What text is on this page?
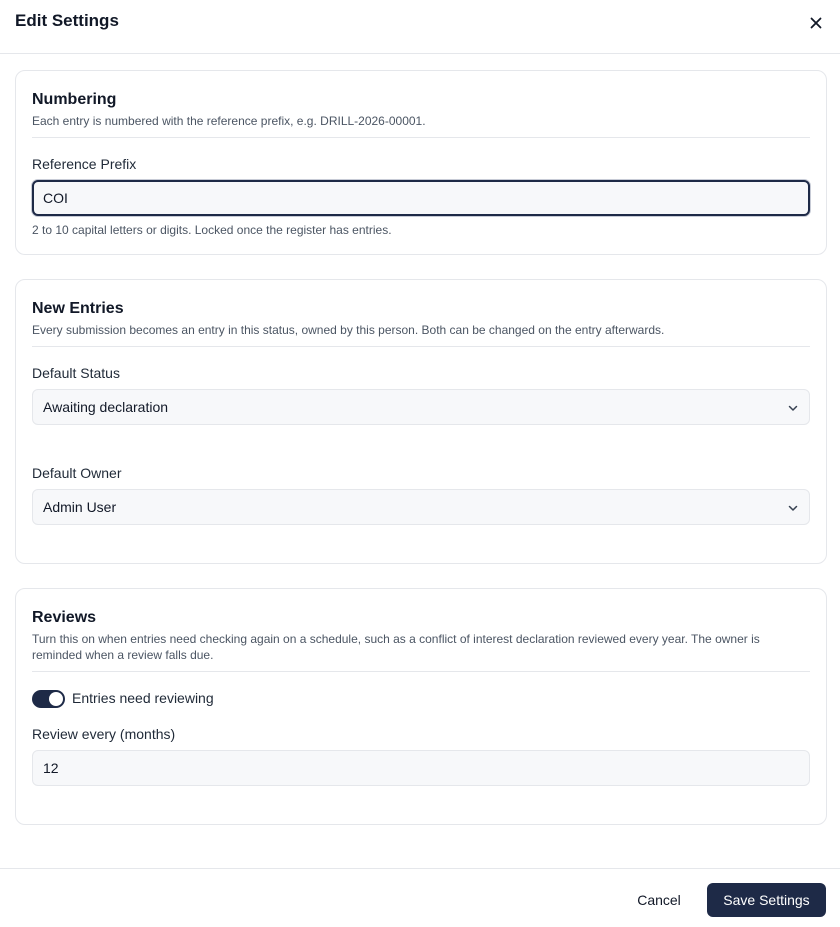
Edit Settings
Numbering
Each entry is numbered with the reference prefix, e.g. DRILL-2026-00001.
Reference Prefix
COI
2 to 10 capital letters or digits. Locked once the register has entries.
New Entries
Every submission becomes an entry in this status, owned by this person. Both can be changed on the entry afterwards.
Default Status
Awaiting declaration
Default Owner
Admin User
Reviews
Turn this on when entries need checking again on a schedule, such as a conflict of interest declaration reviewed every year. The owner is reminded when a review falls due.
Entries need reviewing
Review every (months)
12
Cancel	Save Settings
